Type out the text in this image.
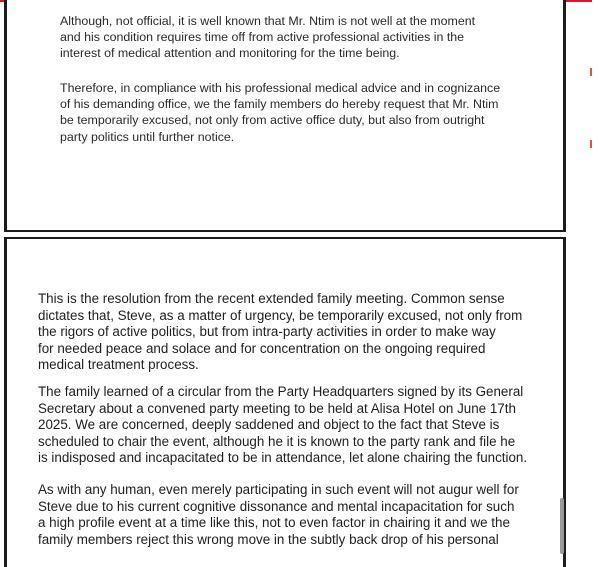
Although, not official, it is well known that Mr. Ntim is not well at the moment
and his condition requires time off from active professional activities in the
interest of medical attention and monitoring for the time being.

Therefore, in compliance with his professional medical advice and in cognizance
of his demanding office, we the family members do hereby request that Mr. Ntim
be temporarily excused, not only from active office duty, but also from outright
party politics until further notice.

This is the resolution from the recent extended family meeting. Common sense
dictates that, Steve, as a matter of urgency, be temporarily excused, not only from
the rigors of active politics, but from intra-party activities in order to make way
for needed peace and solace and for concentration on the ongoing required
medical treatment process.

The family learned of a circular from the Party Headquarters signed by its General
Secretary about a convened party meeting to be held at Alisa Hotel on June 17th
2025. We are concerned, deeply saddened and object to the fact that Steve is
scheduled to chair the event, although he it is known to the party rank and file he
is indisposed and incapacitated to be in attendance, let alone chairing the function.

As with any human, even merely participating in such event will not augur well for
Steve due to his current cognitive dissonance and mental incapacitation for such
a high profile event at a time like this, not to even factor in chairing it and we the
family members reject this wrong move in the subtly back drop of his personal
